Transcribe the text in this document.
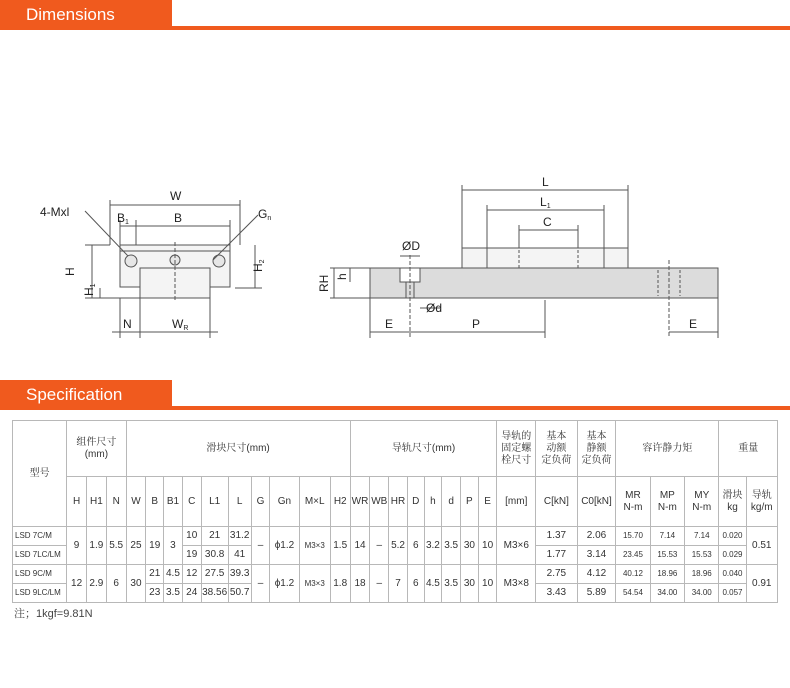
Dimensions
W
B
B1
Gn
4-Mxl
H
H1
H2
N	WR
L
L1
C
ØD
Ød
RH h
E	P	E
Specification
型号	组件尺寸
(mm)			滑块尺寸(mm)										导轨尺寸(mm)								导轨的
固定螺
栓尺寸	基本
动额
定负荷	基本
静额
定负荷	容许静力矩			重量	
	H	H1	N	W	B	B1	C	L1	L	G	Gn	M×L	H2	WR	WB	HR	D	h	d	P	E	[mm]	C[kN]	C0[kN]	MR
N-m	MP
N-m	MY
N-m	滑块
kg	导轨
kg/m
LSD 7C/M	9	1.9	5.5	25	19	3	10	21	31.2	–	ϕ1.2	M3×3	1.5	14	–	5.2	6	3.2	3.5	30	10	M3×6	1.37	2.06	15.70	7.14	7.14	0.020	0.51
LSD 7LC/LM							19	30.8	41														1.77	3.14	23.45	15.53	15.53	0.029	
LSD 9C/M	12	2.9	6	30	21	4.5	12	27.5	39.3	–	ϕ1.2	M3×3	1.8	18	–	7	6	4.5	3.5	30	10	M3×8	2.75	4.12	40.12	18.96	18.96	0.040	0.91
LSD 9LC/LM					23	3.5	24	38.56	50.7														3.43	5.89	54.54	34.00	34.00	0.057	
注；1kgf=9.81N
